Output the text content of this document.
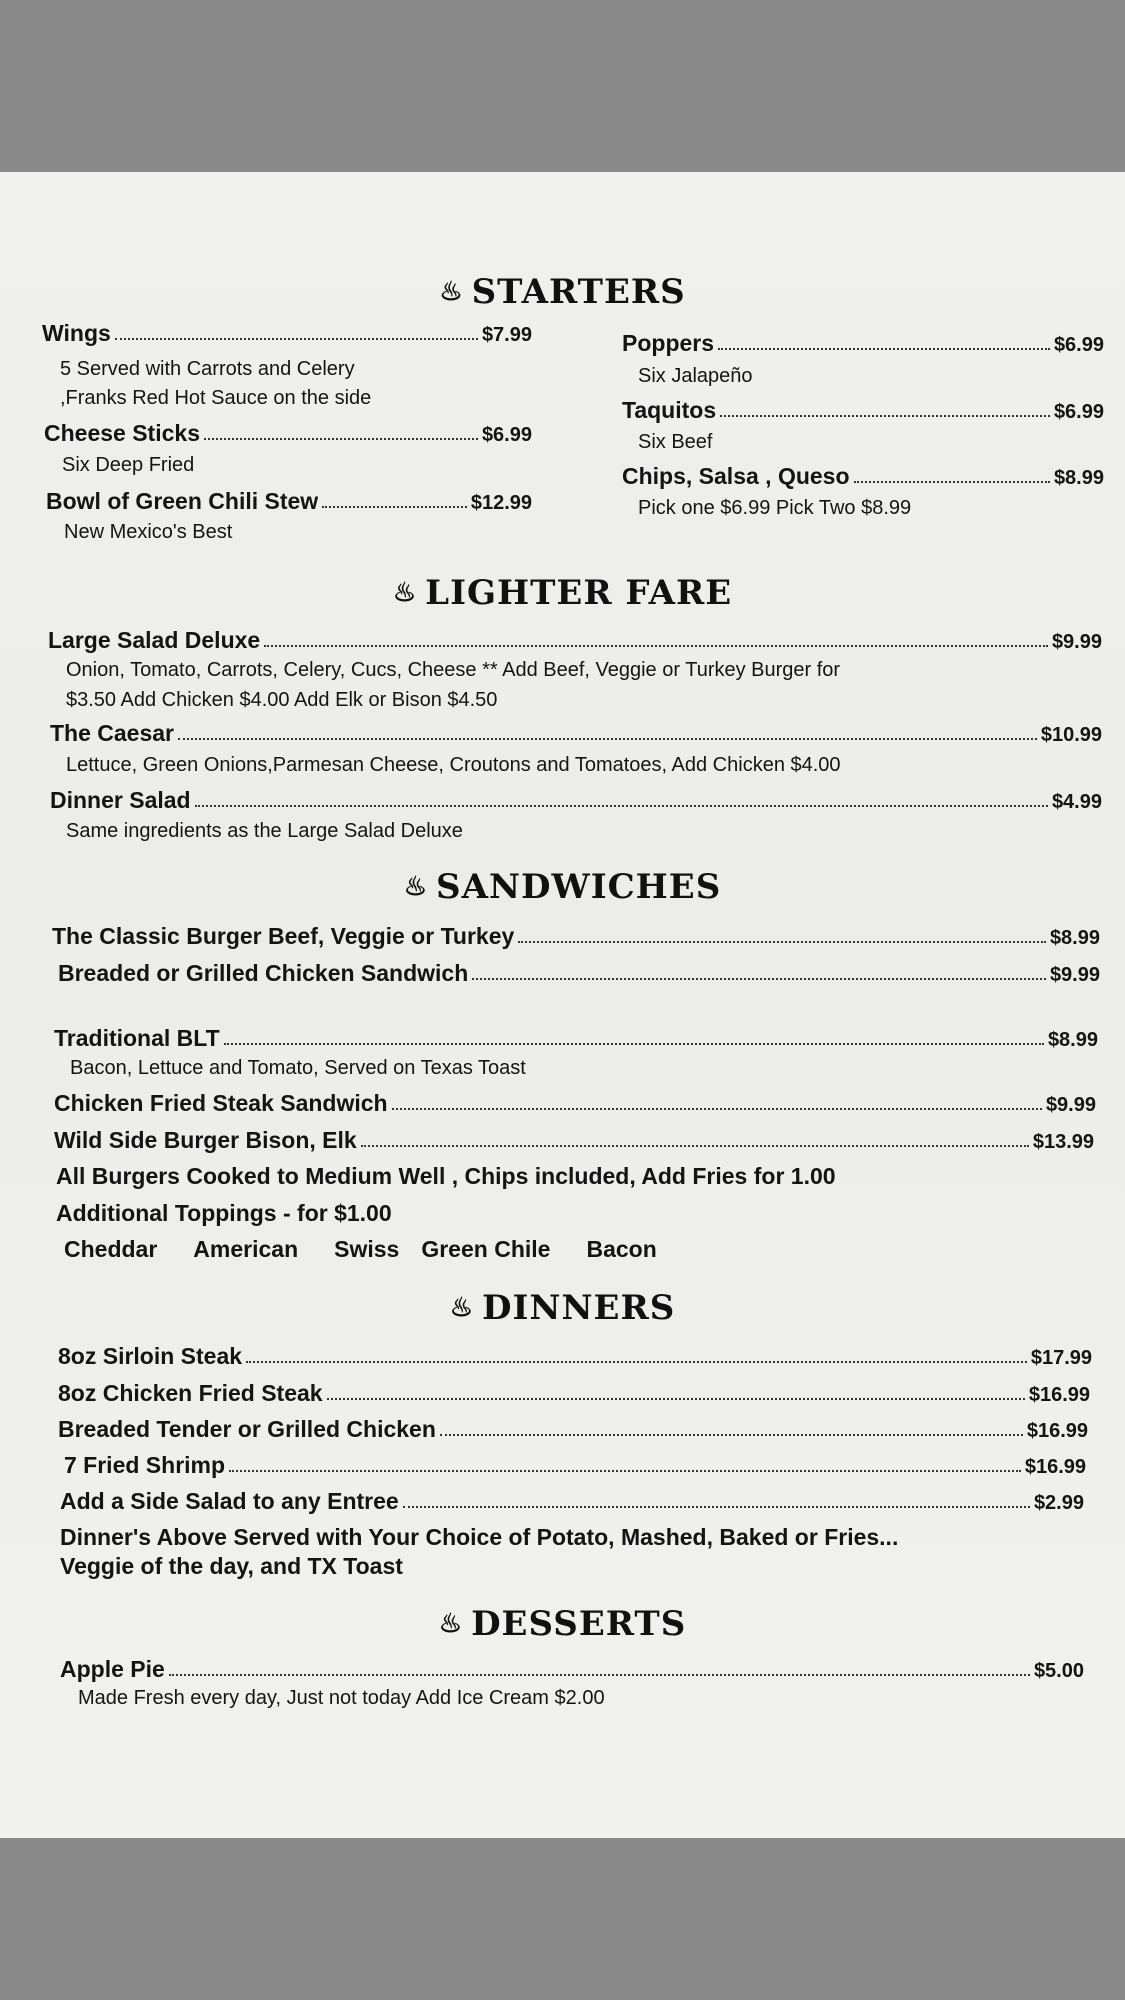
♨ STARTERS
Wings	$7.99
5 Served with Carrots and Celery
,Franks Red Hot Sauce on the side
Cheese Sticks	$6.99
Six Deep Fried
Bowl of Green Chili Stew	$12.99
New Mexico's Best
Poppers	$6.99
Six Jalapeño
Taquitos	$6.99
Six Beef
Chips, Salsa , Queso	$8.99
Pick one $6.99 Pick Two $8.99
♨ LIGHTER FARE
Large Salad Deluxe	$9.99
Onion, Tomato, Carrots, Celery, Cucs, Cheese ** Add Beef, Veggie or Turkey Burger for
$3.50 Add Chicken $4.00 Add Elk or Bison $4.50
The Caesar	$10.99
Lettuce, Green Onions,Parmesan Cheese, Croutons and Tomatoes, Add Chicken $4.00
Dinner Salad	$4.99
Same ingredients as the Large Salad Deluxe
♨ SANDWICHES
The Classic Burger Beef, Veggie or Turkey	$8.99
Breaded or Grilled Chicken Sandwich	$9.99
Traditional BLT	$8.99
Bacon, Lettuce and Tomato, Served on Texas Toast
Chicken Fried Steak Sandwich	$9.99
Wild Side Burger Bison, Elk	$13.99
All Burgers Cooked to Medium Well , Chips included, Add Fries for 1.00
Additional Toppings - for $1.00
Cheddar American Swiss Green Chile Bacon
♨ DINNERS
8oz Sirloin Steak	$17.99
8oz Chicken Fried Steak	$16.99
Breaded Tender or Grilled Chicken	$16.99
7 Fried Shrimp	$16.99
Add a Side Salad to any Entree	$2.99
Dinner's Above Served with Your Choice of Potato, Mashed, Baked or Fries...
Veggie of the day, and TX Toast
♨ DESSERTS
Apple Pie	$5.00
Made Fresh every day, Just not today Add Ice Cream $2.00
